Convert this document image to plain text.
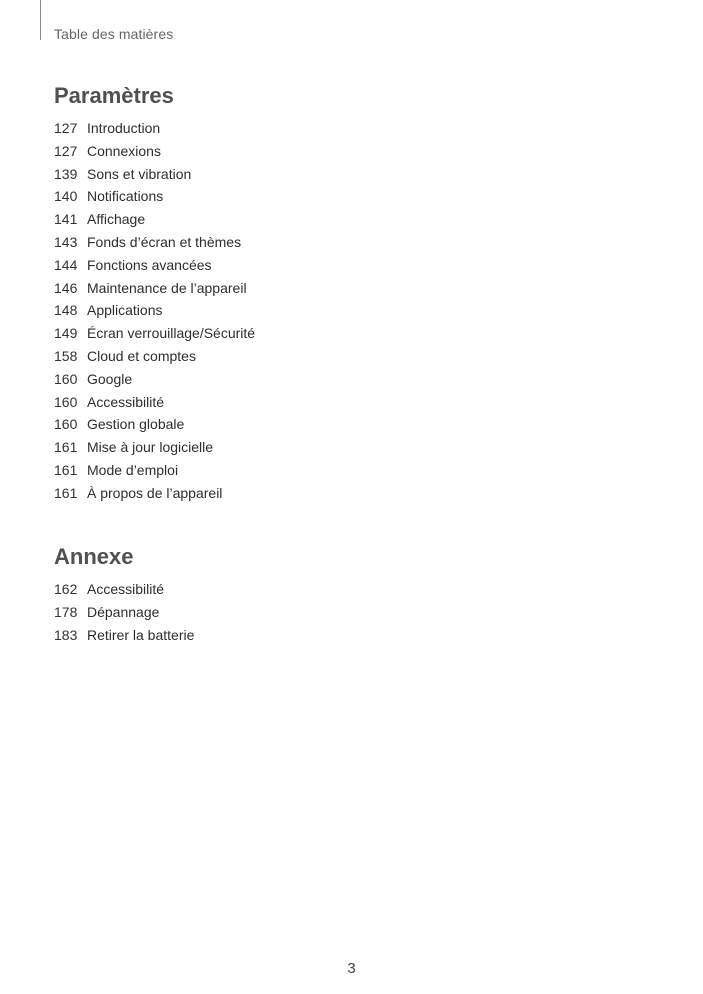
Table des matières
Paramètres
127 Introduction
127 Connexions
139 Sons et vibration
140 Notifications
141 Affichage
143 Fonds d’écran et thèmes
144 Fonctions avancées
146 Maintenance de l’appareil
148 Applications
149 Écran verrouillage/Sécurité
158 Cloud et comptes
160 Google
160 Accessibilité
160 Gestion globale
161 Mise à jour logicielle
161 Mode d’emploi
161 À propos de l’appareil
Annexe
162 Accessibilité
178 Dépannage
183 Retirer la batterie
3
